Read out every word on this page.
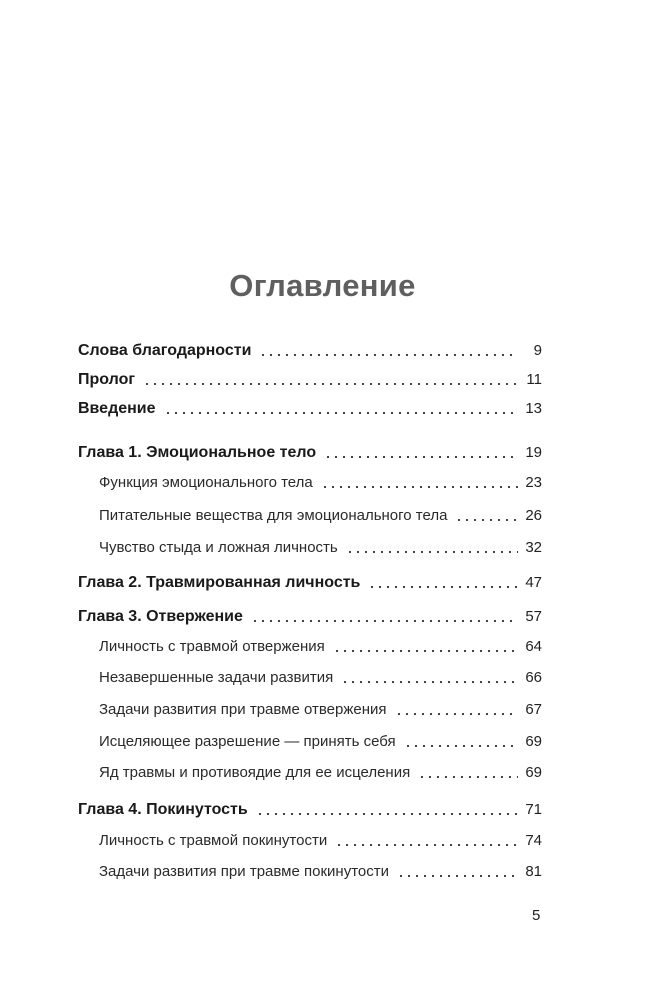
Оглавление
Слова благодарности	9
Пролог	11
Введение	13
Глава 1. Эмоциональное тело	19
Функция эмоционального тела	23
Питательные вещества для эмоционального тела	26
Чувство стыда и ложная личность	32
Глава 2. Травмированная личность	47
Глава 3. Отвержение	57
Личность с травмой отвержения	64
Незавершенные задачи развития	66
Задачи развития при травме отвержения	67
Исцеляющее разрешение — принять себя	69
Яд травмы и противоядие для ее исцеления	69
Глава 4. Покинутость	71
Личность с травмой покинутости	74
Задачи развития при травме покинутости	81
5
